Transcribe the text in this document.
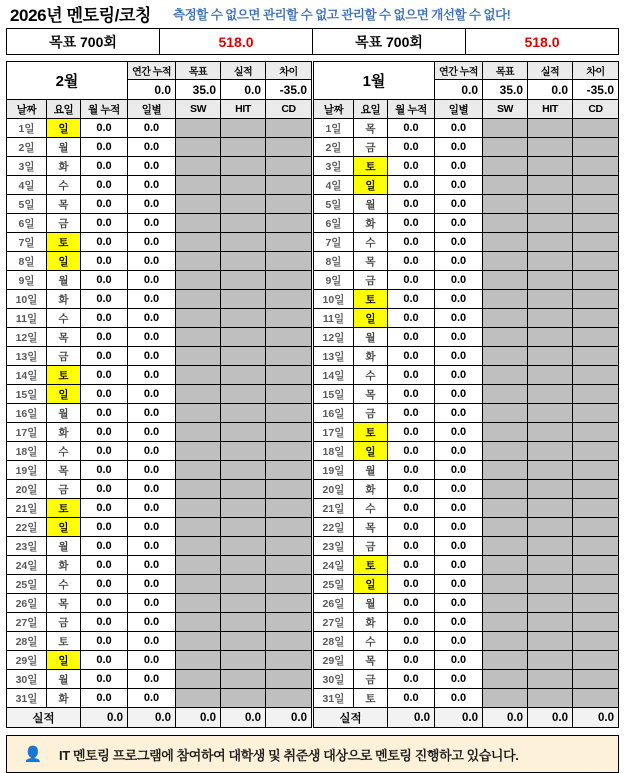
2026년 멘토링/코칭 측정할 수 없으면 관리할 수 없고 관리할 수 없으면 개선할 수 없다!
목표 700회	518.0	목표 700회	518.0
2월			연간 누적	목표	실적	차이
			0.0	35.0	0.0	-35.0
날짜	요일	월 누적	일별	SW	HIT	CD
1일	일	0.0	0.0			
2일	월	0.0	0.0			
3일	화	0.0	0.0			
4일	수	0.0	0.0			
5일	목	0.0	0.0			
6일	금	0.0	0.0			
7일	토	0.0	0.0			
8일	일	0.0	0.0			
9일	월	0.0	0.0			
10일	화	0.0	0.0			
11일	수	0.0	0.0			
12일	목	0.0	0.0			
13일	금	0.0	0.0			
14일	토	0.0	0.0			
15일	일	0.0	0.0			
16일	월	0.0	0.0			
17일	화	0.0	0.0			
18일	수	0.0	0.0			
19일	목	0.0	0.0			
20일	금	0.0	0.0			
21일	토	0.0	0.0			
22일	일	0.0	0.0			
23일	월	0.0	0.0			
24일	화	0.0	0.0			
25일	수	0.0	0.0			
26일	목	0.0	0.0			
27일	금	0.0	0.0			
28일	토	0.0	0.0			
29일	일	0.0	0.0			
30일	월	0.0	0.0			
31일	화	0.0	0.0			
실적		0.0	0.0	0.0	0.0	0.0
1월			연간 누적	목표	실적	차이
			0.0	35.0	0.0	-35.0
날짜	요일	월 누적	일별	SW	HIT	CD
1일	목	0.0	0.0			
2일	금	0.0	0.0			
3일	토	0.0	0.0			
4일	일	0.0	0.0			
5일	월	0.0	0.0			
6일	화	0.0	0.0			
7일	수	0.0	0.0			
8일	목	0.0	0.0			
9일	금	0.0	0.0			
10일	토	0.0	0.0			
11일	일	0.0	0.0			
12일	월	0.0	0.0			
13일	화	0.0	0.0			
14일	수	0.0	0.0			
15일	목	0.0	0.0			
16일	금	0.0	0.0			
17일	토	0.0	0.0			
18일	일	0.0	0.0			
19일	월	0.0	0.0			
20일	화	0.0	0.0			
21일	수	0.0	0.0			
22일	목	0.0	0.0			
23일	금	0.0	0.0			
24일	토	0.0	0.0			
25일	일	0.0	0.0			
26일	월	0.0	0.0			
27일	화	0.0	0.0			
28일	수	0.0	0.0			
29일	목	0.0	0.0			
30일	금	0.0	0.0			
31일	토	0.0	0.0			
실적		0.0	0.0	0.0	0.0	0.0
👤	IT 멘토링 프로그램에 참여하여 대학생 및 취준생 대상으로 멘토링 진행하고 있습니다.
